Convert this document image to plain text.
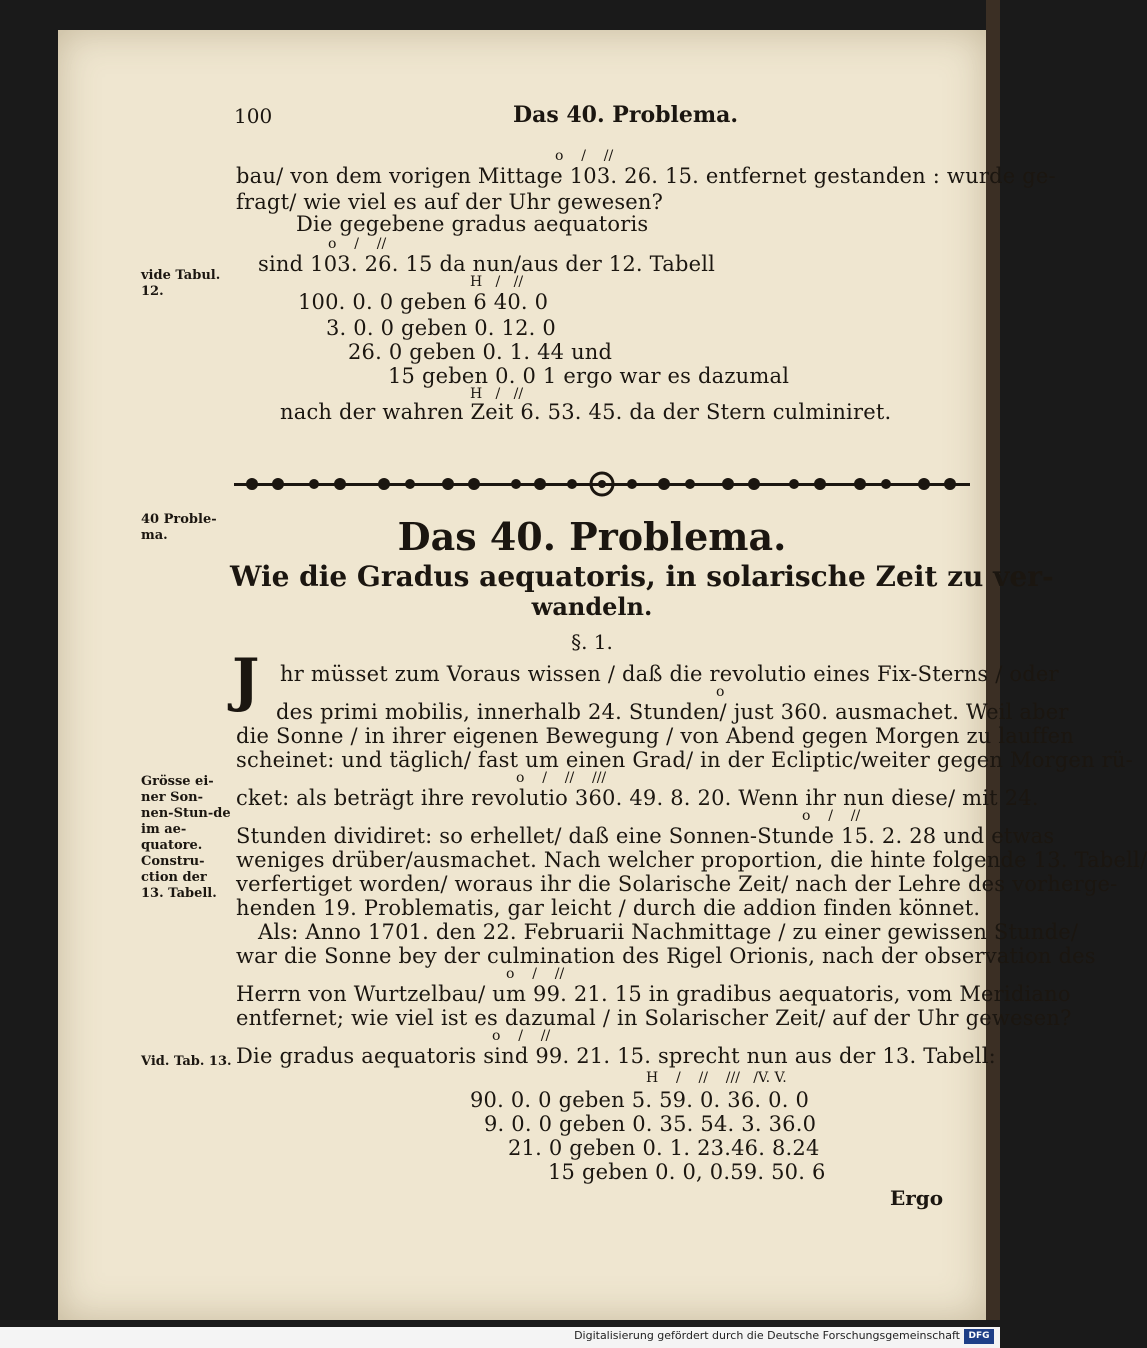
100	Das 40. Problema.
o    /    //
bau/ von dem vorigen Mittage 103. 26. 15. entfernet gestanden : wurde ge-
fragt/ wie viel es auf der Uhr gewesen?
Die gegebene gradus aequatoris
o    /    //
sind 103. 26. 15 da nun/aus der 12. Tabell
H   /   //
100. 0. 0 geben 6 40. 0
3. 0. 0 geben 0. 12. 0
26. 0 geben 0. 1. 44 und
15 geben 0. 0 1 ergo war es dazumal
H   /   //
nach der wahren Zeit 6. 53. 45. da der Stern culminiret.
vide Tabul. 12.
40 Proble-ma.
Grösse ei-ner Son-nen-Stun-de im ae-quatore. Constru-ction der 13. Tabell.
Vid. Tab. 13.
Das 40. Problema.
Wie die Gradus aequatoris, in solarische Zeit zu ver-
wandeln.
§. 1.
J hr müsset zum Voraus wissen / daß die revolutio eines Fix-Sterns / oder
o
des primi mobilis, innerhalb 24. Stunden/ just 360. ausmachet. Weil aber
die Sonne / in ihrer eigenen Bewegung / von Abend gegen Morgen zu lauffen
scheinet: und täglich/ fast um einen Grad/ in der Ecliptic/weiter gegen Morgen rü-
o    /    //    ///
cket: als beträgt ihre revolutio 360. 49. 8. 20. Wenn ihr nun diese/ mit 24.
o    /    //
Stunden dividiret: so erhellet/ daß eine Sonnen-Stunde 15. 2. 28 und etwas
weniges drüber/ausmachet. Nach welcher proportion, die hinte folgende 13. Tabell/
verfertiget worden/ woraus ihr die Solarische Zeit/ nach der Lehre des vorherge-
henden 19. Problematis, gar leicht / durch die addion finden könnet.
Als: Anno 1701. den 22. Februarii Nachmittage / zu einer gewissen Stunde/
war die Sonne bey der culmination des Rigel Orionis, nach der observation des
o    /    //
Herrn von Wurtzelbau/ um 99. 21. 15 in gradibus aequatoris, vom Meridiano
entfernet; wie viel ist es dazumal / in Solarischer Zeit/ auf der Uhr gewesen?
o    /    //
Die gradus aequatoris sind 99. 21. 15. sprecht nun aus der 13. Tabell:
H    /    //    ///   /V. V.
90. 0. 0 geben 5. 59. 0. 36. 0. 0
9. 0. 0 geben 0. 35. 54. 3. 36.0
21. 0 geben 0. 1. 23.46. 8.24
15 geben 0. 0, 0.59. 50. 6
Ergo
Digitalisierung gefördert durch die Deutsche Forschungsgemeinschaft DFG
